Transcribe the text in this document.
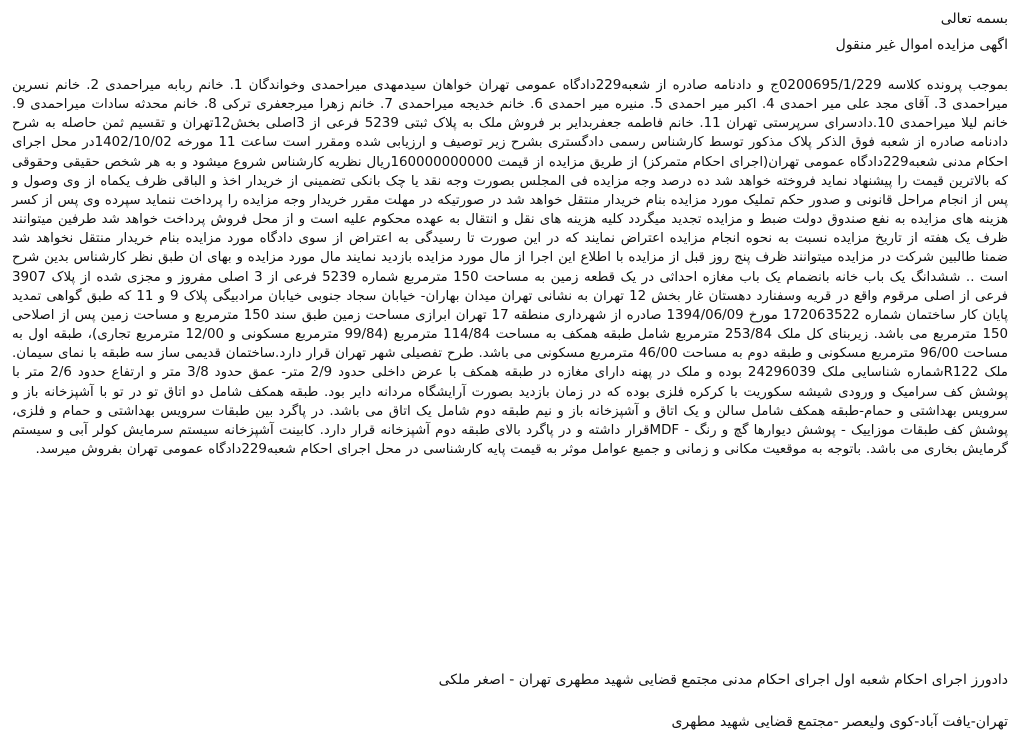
بسمه تعالی
اگهی مزایده اموال غیر منقول

بموجب پرونده کلاسه 0200695/1/229ج و دادنامه صادره از شعبه229دادگاه عمومی تهران خواهان سیدمهدی میراحمدی وخواندگان 1. خانم ربابه میراحمدی 2. خانم نسرین میراحمدی 3. آقای مجد علی میر احمدی 4. اکبر میر احمدی 5. منیره میر احمدی 6. خانم خدیجه میراحمدی 7. خانم زهرا میرجعفری ترکی 8. خانم محدثه سادات میراحمدی 9. خانم لیلا میراحمدی 10.دادسرای سرپرستی تهران 11. خانم فاطمه جعفربدایر بر فروش ملک به پلاک ثبتی 5239 فرعی از 3اصلی بخش12تهران و تقسیم ثمن حاصله به شرح دادنامه صادره از شعبه فوق الذکر پلاک مذکور توسط کارشناس رسمی دادگستری بشرح زیر توصیف و ارزیابی شده ومقرر است ساعت 11 مورخه 1402/10/02در محل اجرای احکام مدنی شعبه229دادگاه عمومی تهران(اجرای احکام متمرکز) از طریق مزایده از قیمت 160000000000ریال نظریه کارشناس شروع میشود و به هر شخص حقیقی وحقوقی که بالاترین قیمت را پیشنهاد نماید فروخته خواهد شد ده درصد وجه مزایده فی المجلس بصورت وجه نقد یا چک بانکی تضمینی از خریدار اخذ و الباقی ظرف یکماه از وی وصول و پس از انجام مراحل قانونی و صدور حکم تملیک مورد مزایده بنام خریدار منتقل خواهد شد در صورتیکه در مهلت مقرر خریدار وجه مزایده را پرداخت ننماید سپرده وی پس از کسر هزینه های مزایده به نفع صندوق دولت ضبط و مزایده تجدید میگردد کلیه هزینه های نقل و انتقال به عهده محکوم علیه است و از محل فروش پرداخت خواهد شد طرفین میتوانند ظرف یک هفته از تاریخ مزایده نسبت به نحوه انجام مزایده اعتراض نمایند که در این صورت تا رسیدگی به اعتراض از سوی دادگاه مورد مزایده بنام خریدار منتقل نخواهد شد ضمنا طالبین شرکت در مزایده میتوانند ظرف پنج روز قبل از مزایده با اطلاع این اجرا از مال مورد مزایده بازدید نمایند مال مورد مزایده و بهای ان طبق نظر کارشناس بدین شرح است .. ششدانگ یک باب خانه بانضمام یک باب مغازه احداثی در یک قطعه زمین به مساحت 150 مترمربع شماره 5239 فرعی از 3 اصلی مفروز و مجزی شده از پلاک 3907 فرعی از اصلی مرقوم واقع در قریه وسفنارد دهستان غار بخش 12 تهران به نشانی تهران میدان بهاران- خیابان سجاد جنوبی خیابان مرادبیگی پلاک 9 و 11 که طبق گواهی تمدید پایان کار ساختمان شماره 172063522 مورخ 1394/06/09 صادره از شهرداری منطقه 17 تهران ابرازی مساحت زمین طبق سند 150 مترمربع و مساحت زمین پس از اصلاحی 150 مترمربع می باشد. زیربنای کل ملک 253/84 مترمربع شامل طبقه همکف به مساحت 114/84 مترمربع (99/84 مترمربع مسکونی و 12/00 مترمربع تجاری)، طبقه اول به مساحت 96/00 مترمربع مسکونی و طبقه دوم به مساحت 46/00 مترمربع مسکونی می باشد. طرح تفصیلی شهر تهران قرار دارد.ساختمان قدیمی ساز سه طبقه با نمای سیمان. ملک R122شماره شناسایی ملک 24296039 بوده و ملک در پهنه دارای مغازه در طبقه همکف با عرض داخلی حدود 2/9 متر- عمق حدود 3/8 متر و ارتفاع حدود 2/6 متر با پوشش کف سرامیک و ورودی شیشه سکوریت با کرکره فلزی بوده که در زمان بازدید بصورت آرایشگاه مردانه دایر بود. طبقه همکف شامل دو اتاق تو در تو با آشپزخانه باز و سرویس بهداشتی و حمام-طبقه همکف شامل سالن و یک اتاق و آشپزخانه باز و نیم طبقه دوم شامل یک اتاق می باشد. در پاگرد بین طبقات سرویس بهداشتی و حمام و فلزی، پوشش کف طبقات موزاییک - پوشش دیوارها گچ و رنگ - MDFقرار داشته و در پاگرد بالای طبقه دوم آشپزخانه قرار دارد. کابینت آشپزخانه سیستم سرمایش کولر آبی و سیستم گرمایش بخاری می باشد. باتوجه به موقعیت مکانی و زمانی و جمیع عوامل موثر به قیمت پایه کارشناسی در محل اجرای احکام شعبه229دادگاه عمومی تهران بفروش میرسد.

دادورز اجرای احکام شعبه اول اجرای احکام مدنی مجتمع قضایی شهید مطهری تهران - اصغر ملکی
تهران-یافت آباد-کوی ولیعصر -مجتمع قضایی شهید مطهری
